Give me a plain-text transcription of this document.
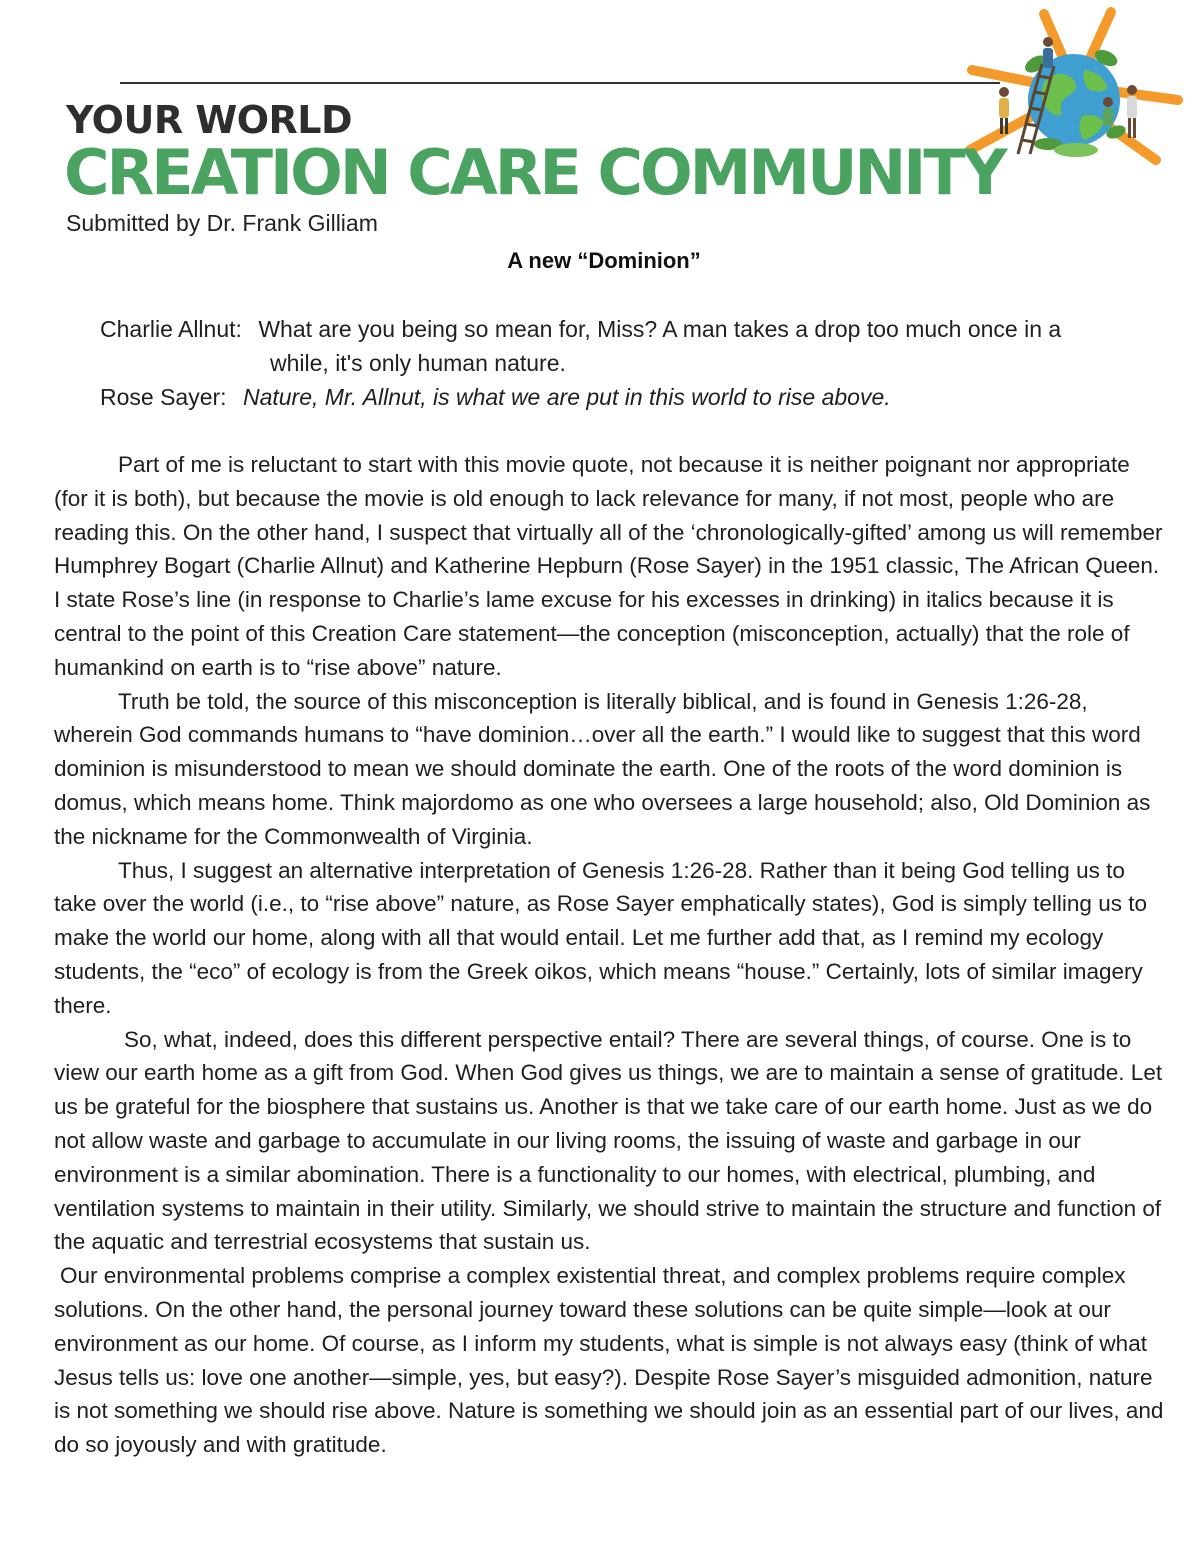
YOUR WORLD
CREATION CARE COMMUNITY
Submitted by Dr. Frank Gilliam
A new “Dominion”
Charlie Allnut: What are you being so mean for, Miss? A man takes a drop too much once in a
while, it's only human nature.
Rose Sayer: Nature, Mr. Allnut, is what we are put in this world to rise above.

Part of me is reluctant to start with this movie quote, not because it is neither poignant nor appropriate (for it is both), but because the movie is old enough to lack relevance for many, if not most, people who are reading this. On the other hand, I suspect that virtually all of the ‘chronologically-gifted’ among us will remember Humphrey Bogart (Charlie Allnut) and Katherine Hepburn (Rose Sayer) in the 1951 classic, The African Queen. I state Rose’s line (in response to Charlie’s lame excuse for his excesses in drinking) in italics because it is central to the point of this Creation Care statement—the conception (misconception, actually) that the role of humankind on earth is to “rise above” nature.

Truth be told, the source of this misconception is literally biblical, and is found in Genesis 1:26-28, wherein God commands humans to “have dominion…over all the earth.” I would like to suggest that this word dominion is misunderstood to mean we should dominate the earth. One of the roots of the word dominion is domus, which means home. Think majordomo as one who oversees a large household; also, Old Dominion as the nickname for the Commonwealth of Virginia.

Thus, I suggest an alternative interpretation of Genesis 1:26-28. Rather than it being God telling us to take over the world (i.e., to “rise above” nature, as Rose Sayer emphatically states), God is simply telling us to make the world our home, along with all that would entail. Let me further add that, as I remind my ecology students, the “eco” of ecology is from the Greek oikos, which means “house.” Certainly, lots of similar imagery there.

So, what, indeed, does this different perspective entail? There are several things, of course. One is to view our earth home as a gift from God. When God gives us things, we are to maintain a sense of gratitude. Let us be grateful for the biosphere that sustains us. Another is that we take care of our earth home. Just as we do not allow waste and garbage to accumulate in our living rooms, the issuing of waste and garbage in our environment is a similar abomination. There is a functionality to our homes, with electrical, plumbing, and ventilation systems to maintain in their utility. Similarly, we should strive to maintain the structure and function of the aquatic and terrestrial ecosystems that sustain us.

Our environmental problems comprise a complex existential threat, and complex problems require complex solutions. On the other hand, the personal journey toward these solutions can be quite simple—look at our environment as our home. Of course, as I inform my students, what is simple is not always easy (think of what Jesus tells us: love one another—simple, yes, but easy?). Despite Rose Sayer’s misguided admonition, nature is not something we should rise above. Nature is something we should join as an essential part of our lives, and do so joyously and with gratitude.
